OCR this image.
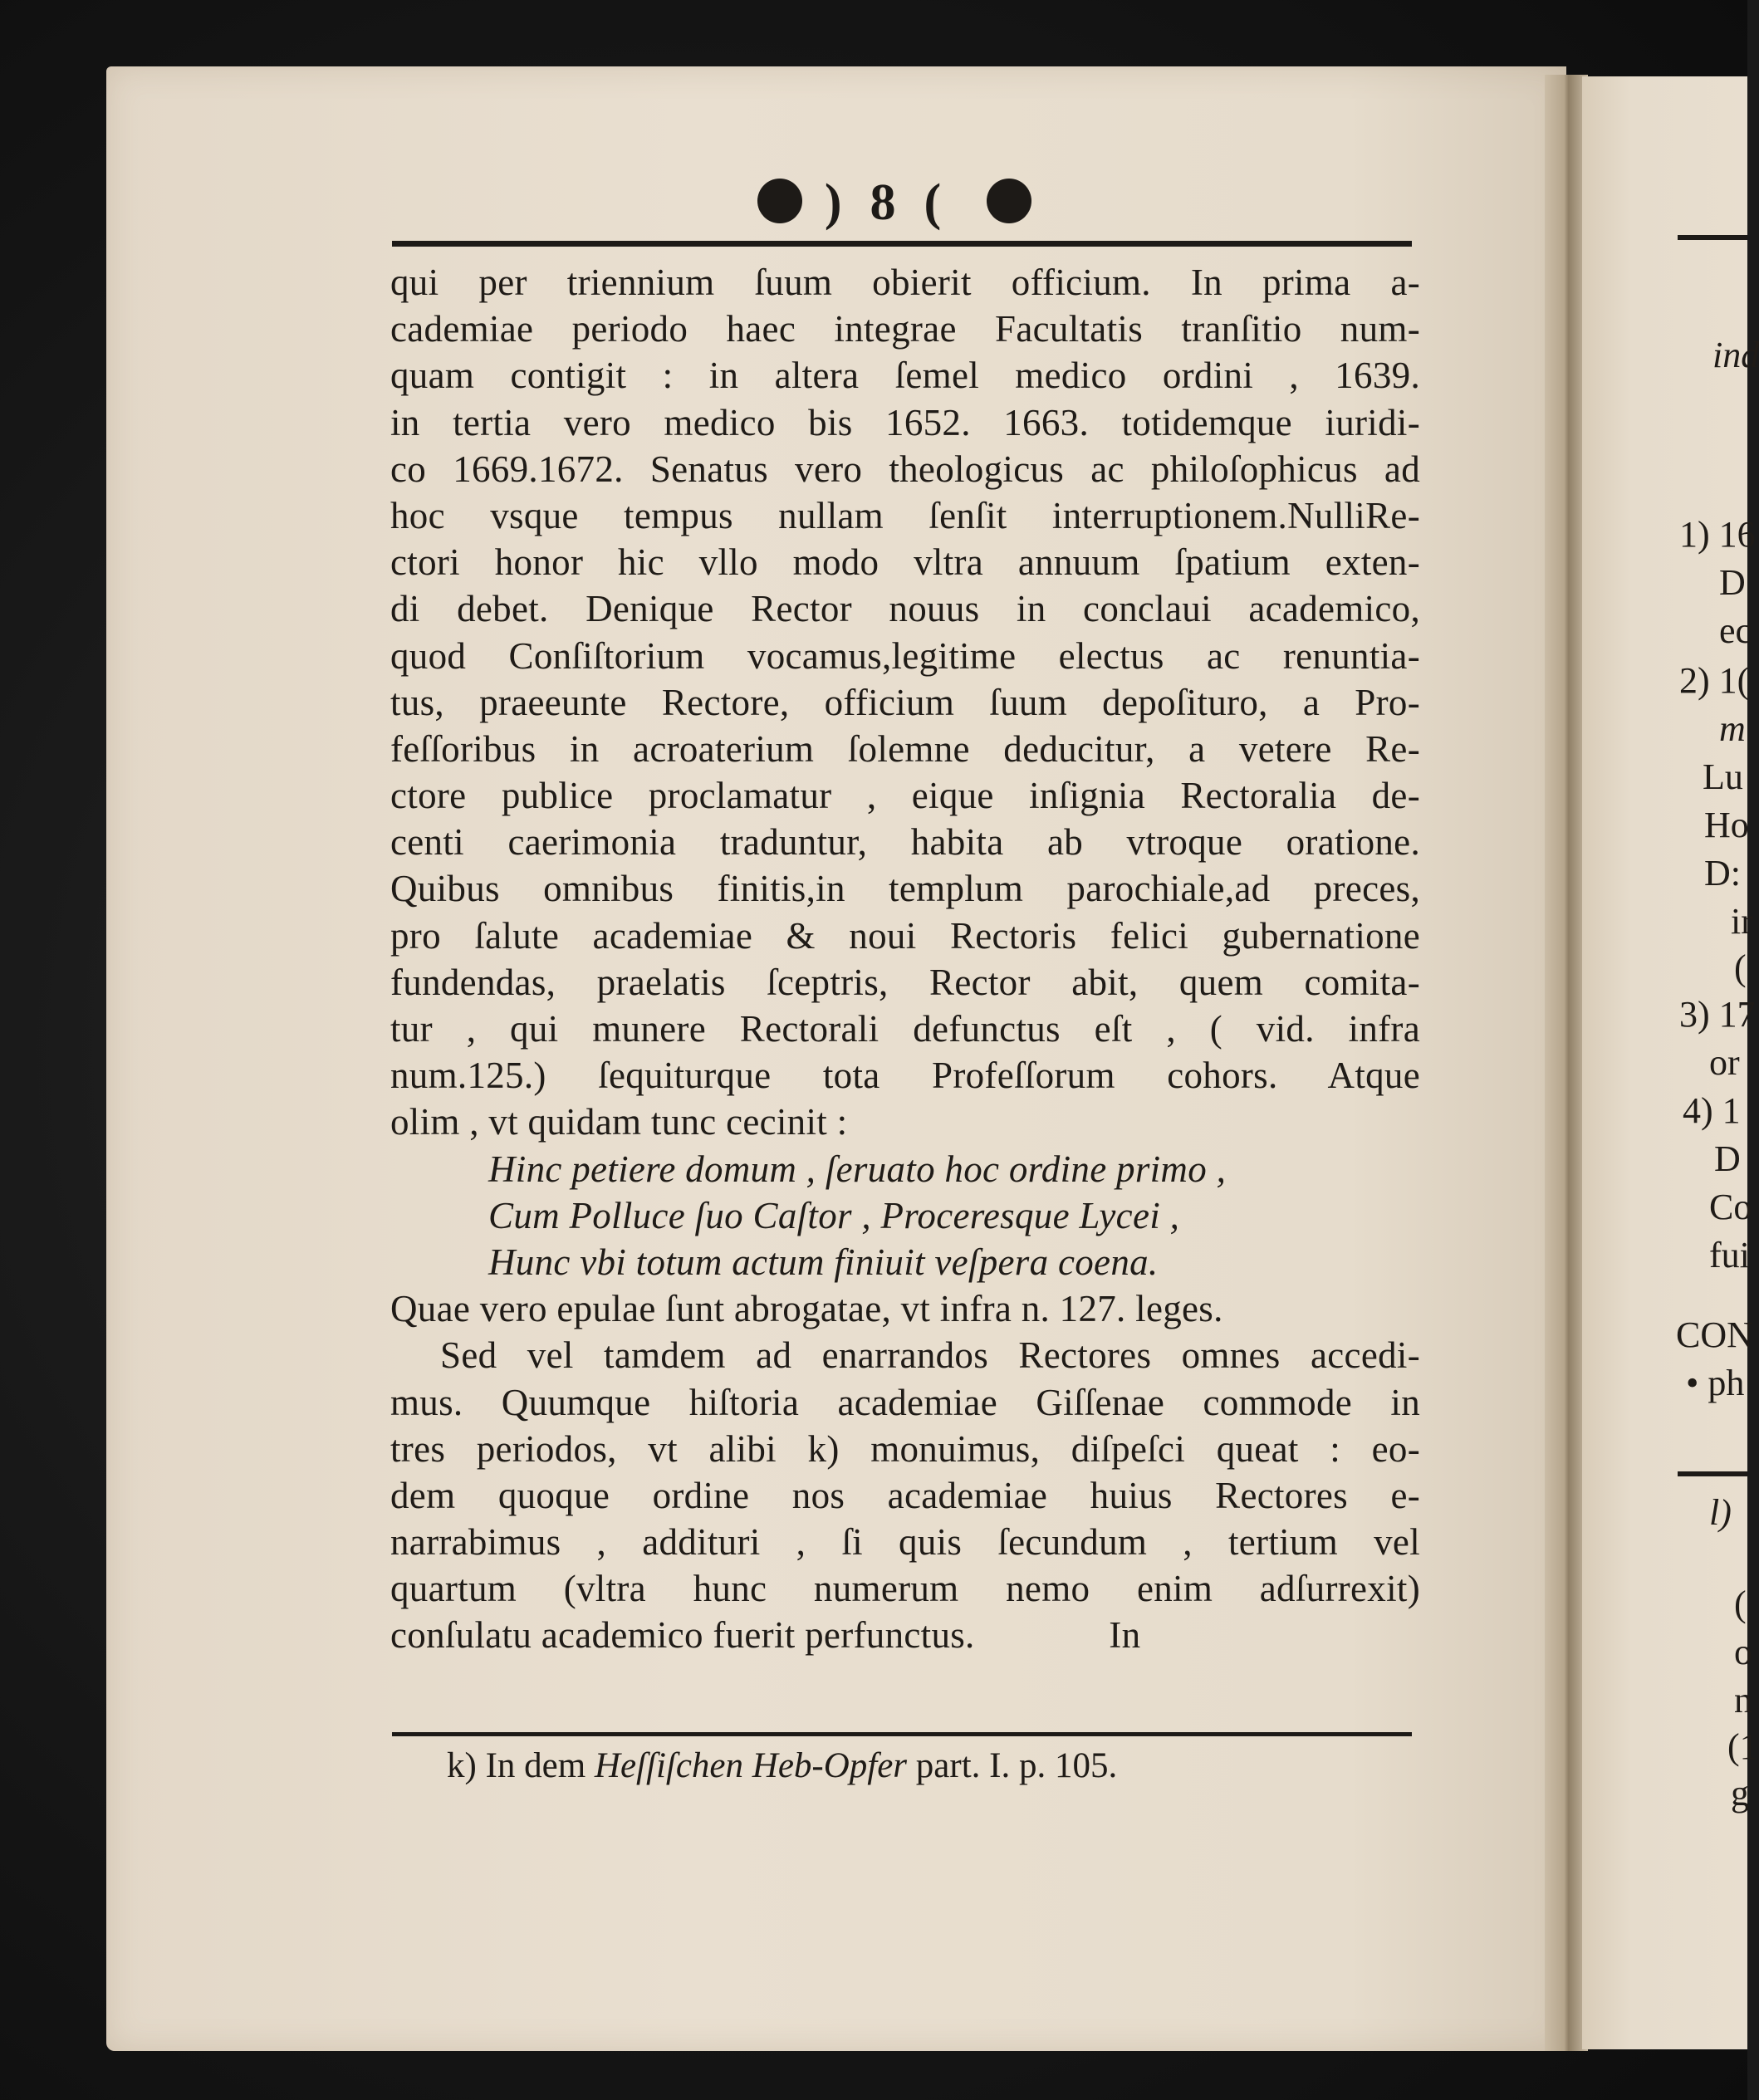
)8(
qui per triennium ſuum obierit officium. In prima a-
cademiae periodo haec integrae Facultatis tranſitio num-
quam contigit : in altera ſemel medico ordini , 1639.
in tertia vero medico bis 1652. 1663. totidemque iuridi-
co 1669.1672. Senatus vero theologicus ac philoſophicus ad
hoc vsque tempus nullam ſenſit interruptionem.NulliRe-
ctori honor hic vllo modo vltra annuum ſpatium exten-
di debet. Denique Rector nouus in conclaui academico,
quod Conſiſtorium vocamus,legitime electus ac renuntia-
tus, praeeunte Rectore, officium ſuum depoſituro, a Pro-
feſſoribus in acroaterium ſolemne deducitur, a vetere Re-
ctore publice proclamatur , eique inſignia Rectoralia de-
centi caerimonia traduntur, habita ab vtroque oratione.
Quibus omnibus finitis,in templum parochiale,ad preces,
pro ſalute academiae & noui Rectoris felici gubernatione
fundendas, praelatis ſceptris, Rector abit, quem comita-
tur , qui munere Rectorali defunctus eſt , ( vid. infra
num.125.) ſequiturque tota Profeſſorum cohors. Atque
olim , vt quidam tunc cecinit :
Hinc petiere domum , ſeruato hoc ordine primo ,
Cum Polluce ſuo Caſtor , Proceresque Lycei ,
Hunc vbi totum actum finiuit veſpera coena.
Quae vero epulae ſunt abrogatae, vt infra n. 127. leges.
Sed vel tamdem ad enarrandos Rectores omnes accedi-
mus. Quumque hiſtoria academiae Giſſenae commode in
tres periodos, vt alibi k) monuimus, diſpeſci queat : eo-
dem quoque ordine nos academiae huius Rectores e-
narrabimus , addituri , ſi quis ſecundum , tertium vel
quartum (vltra hunc numerum nemo enim adſurrexit)
conſulatu academico fuerit perfunctus.              In
k) In dem Heſſiſchen Heb-Opfer part. I. p. 105.
ind
1) 16
D
ec
2) 1(
m
Lu
Ho
D:
ir
(
3) 17
or
4) 1
D
Co
fui
CON
• ph
l)
(
o
n
(1
g
